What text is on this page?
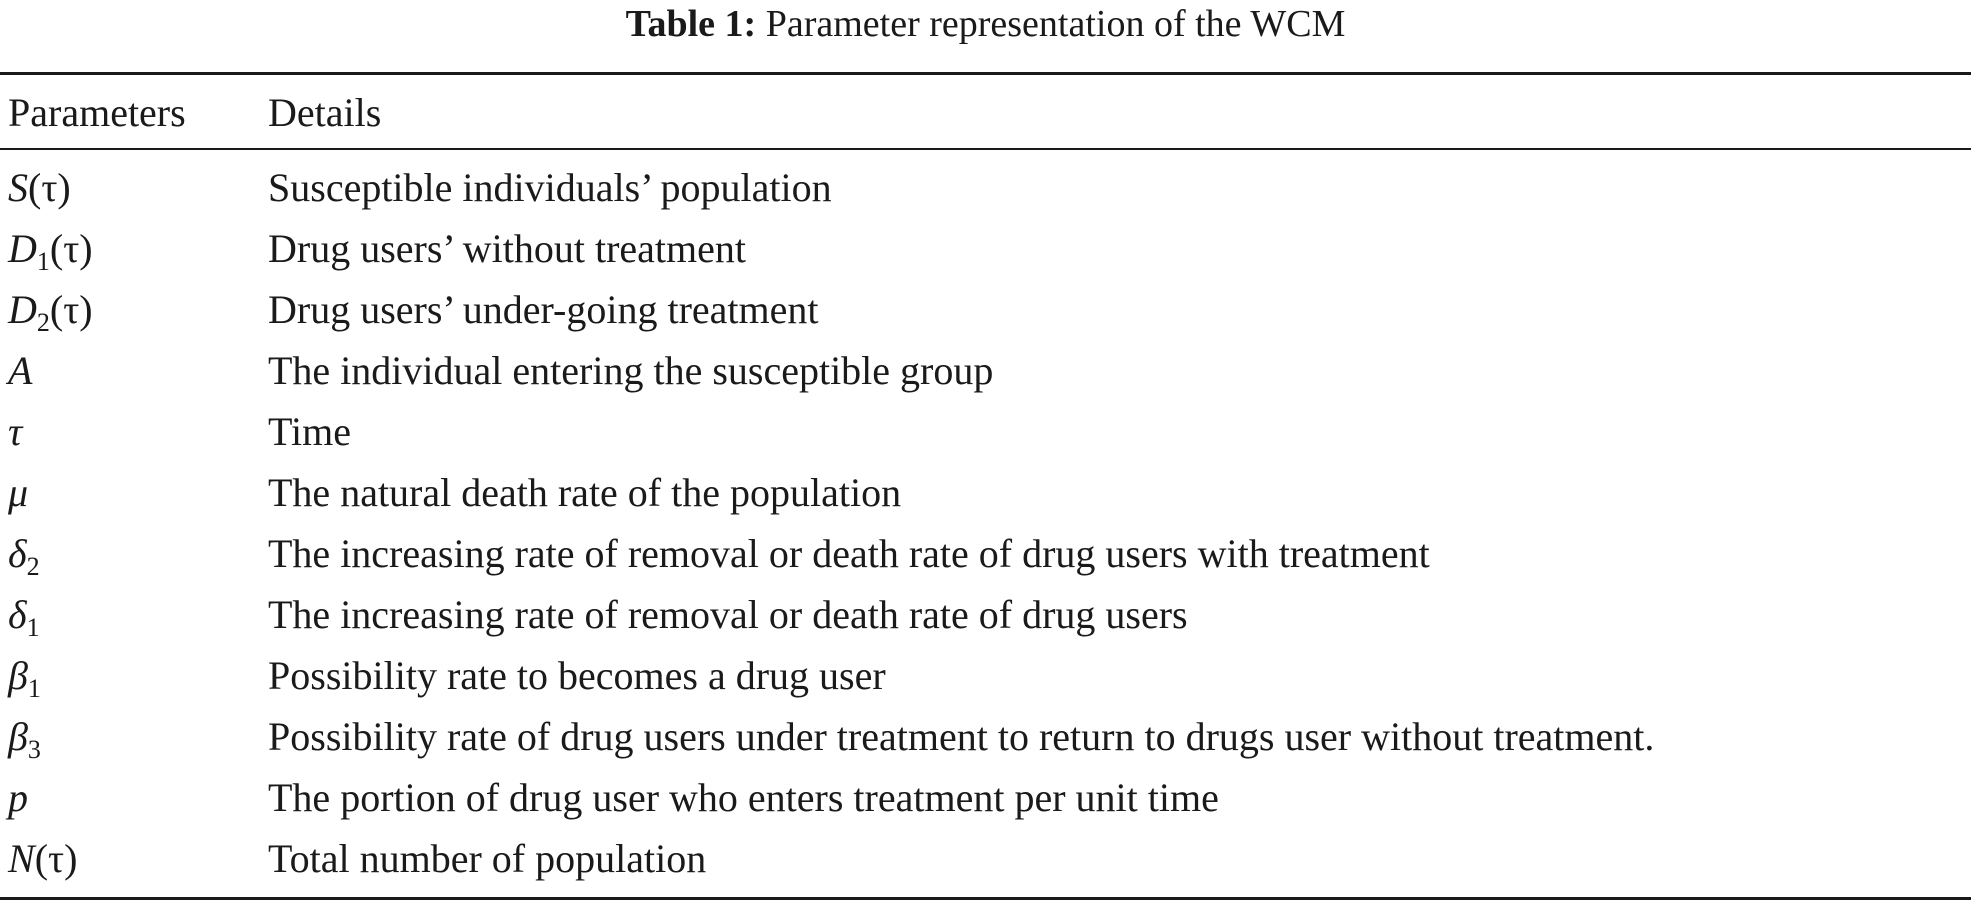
Table 1: Parameter representation of the WCM
Parameters Details
S(τ)	Susceptible individuals’ population
$D_1(\tau)$	Drug users’ without treatment
$D_2(\tau)$	Drug users’ under-going treatment
A	The individual entering the susceptible group
τ	Time
μ	The natural death rate of the population
$\delta_2$	The increasing rate of removal or death rate of drug users with treatment
$\delta_1$	The increasing rate of removal or death rate of drug users
$\beta_1$	Possibility rate to becomes a drug user
$\beta_3$	Possibility rate of drug users under treatment to return to drugs user without treatment.
p	The portion of drug user who enters treatment per unit time
N(τ)	Total number of population
